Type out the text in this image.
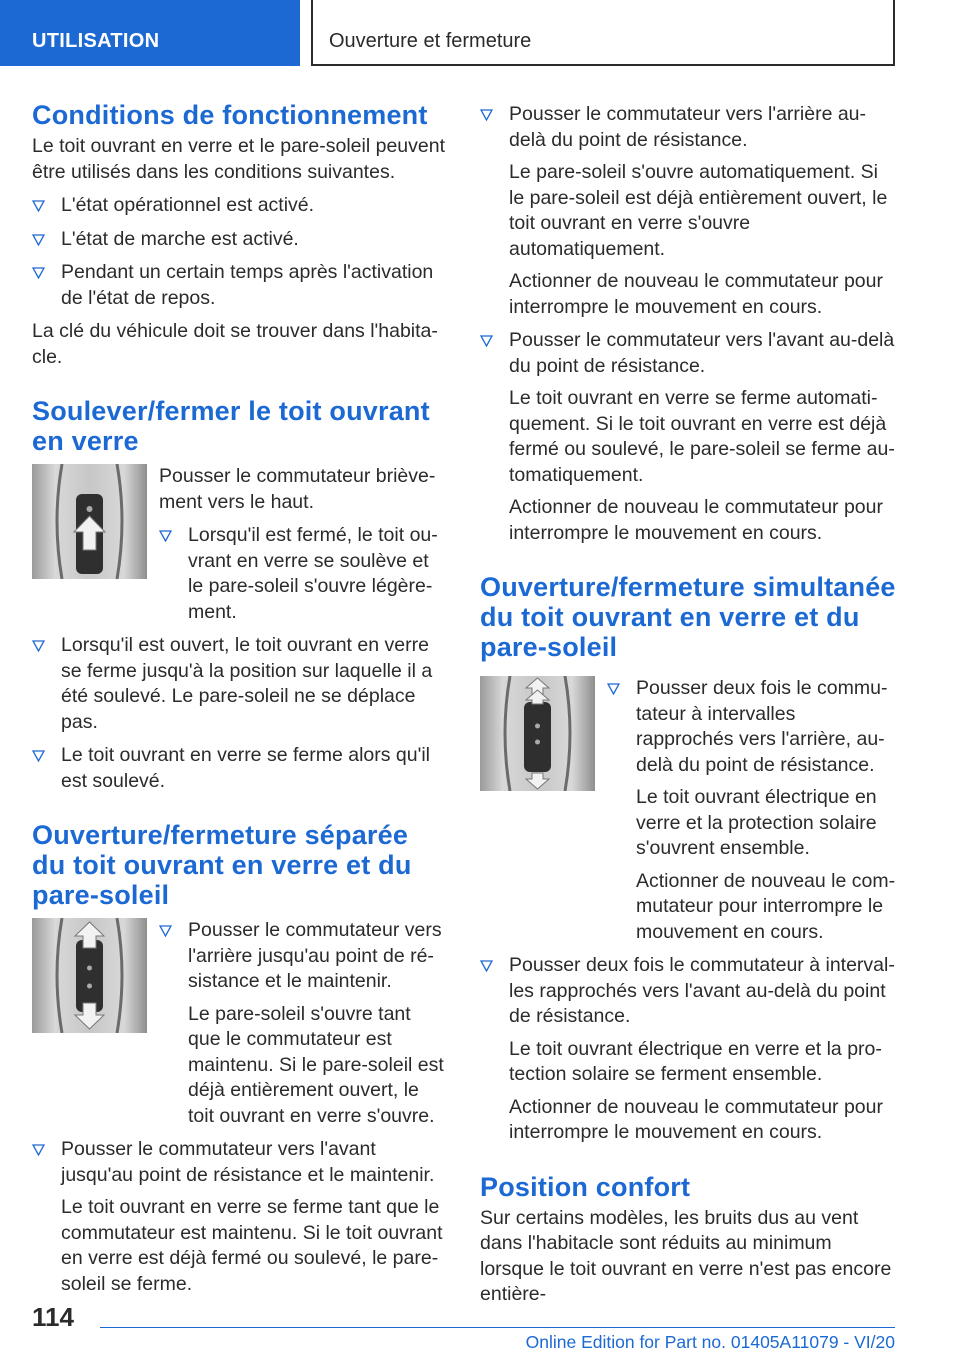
UTILISATION	Ouverture et fermeture
Conditions de fonctionnement

Le toit ouvrant en verre et le pare-soleil peuvent être utilisés dans les conditions suivantes.

L'état opérationnel est activé.
L'état de marche est activé.
Pendant un certain temps après l'activation de l'état de repos.

La clé du véhicule doit se trouver dans l'habitacle.

Soulever/fermer le toit ouvrant en verre

Pousser le commutateur brièvement vers le haut.

Lorsqu'il est fermé, le toit ouvrant en verre se soulève et le pare-soleil s'ouvre légèrement.
Lorsqu'il est ouvert, le toit ouvrant en verre se ferme jusqu'à la position sur laquelle il a été soulevé. Le pare-soleil ne se déplace pas.
Le toit ouvrant en verre se ferme alors qu'il est soulevé.
Ouverture/fermeture séparée du toit ouvrant en verre et du pare-soleil
Pousser le commutateur vers l'arrière jusqu'au point de résistance et le maintenir.

Le pare-soleil s'ouvre tant que le commutateur est maintenu. Si le pare-soleil est déjà entièrement ouvert, le toit ouvrant en verre s'ouvre.

Pousser le commutateur vers l'avant jusqu'au point de résistance et le maintenir.

Le toit ouvrant en verre se ferme tant que le commutateur est maintenu. Si le toit ouvrant en verre est déjà fermé ou soulevé, le pare-soleil se ferme.

Pousser le commutateur vers l'arrière au-delà du point de résistance.

Le pare-soleil s'ouvre automatiquement. Si le pare-soleil est déjà entièrement ouvert, le toit ouvrant en verre s'ouvre automatiquement.

Actionner de nouveau le commutateur pour interrompre le mouvement en cours.

Pousser le commutateur vers l'avant au-delà du point de résistance.

Le toit ouvrant en verre se ferme automatiquement. Si le toit ouvrant en verre est déjà fermé ou soulevé, le pare-soleil se ferme automatiquement.

Actionner de nouveau le commutateur pour interrompre le mouvement en cours.

Ouverture/fermeture simultanée du toit ouvrant en verre et du pare-soleil
Pousser deux fois le commutateur à intervalles rapprochés vers l'arrière, au-delà du point de résistance.

Le toit ouvrant électrique en verre et la protection solaire s'ouvrent ensemble.

Actionner de nouveau le commutateur pour interrompre le mouvement en cours.

Pousser deux fois le commutateur à intervalles rapprochés vers l'avant au-delà du point de résistance.

Le toit ouvrant électrique en verre et la protection solaire se ferment ensemble.

Actionner de nouveau le commutateur pour interrompre le mouvement en cours.

Position confort

Sur certains modèles, les bruits dus au vent dans l'habitacle sont réduits au minimum lorsque le toit ouvrant en verre n'est pas encore entière-

114
Online Edition for Part no. 01405A11079 - VI/20
